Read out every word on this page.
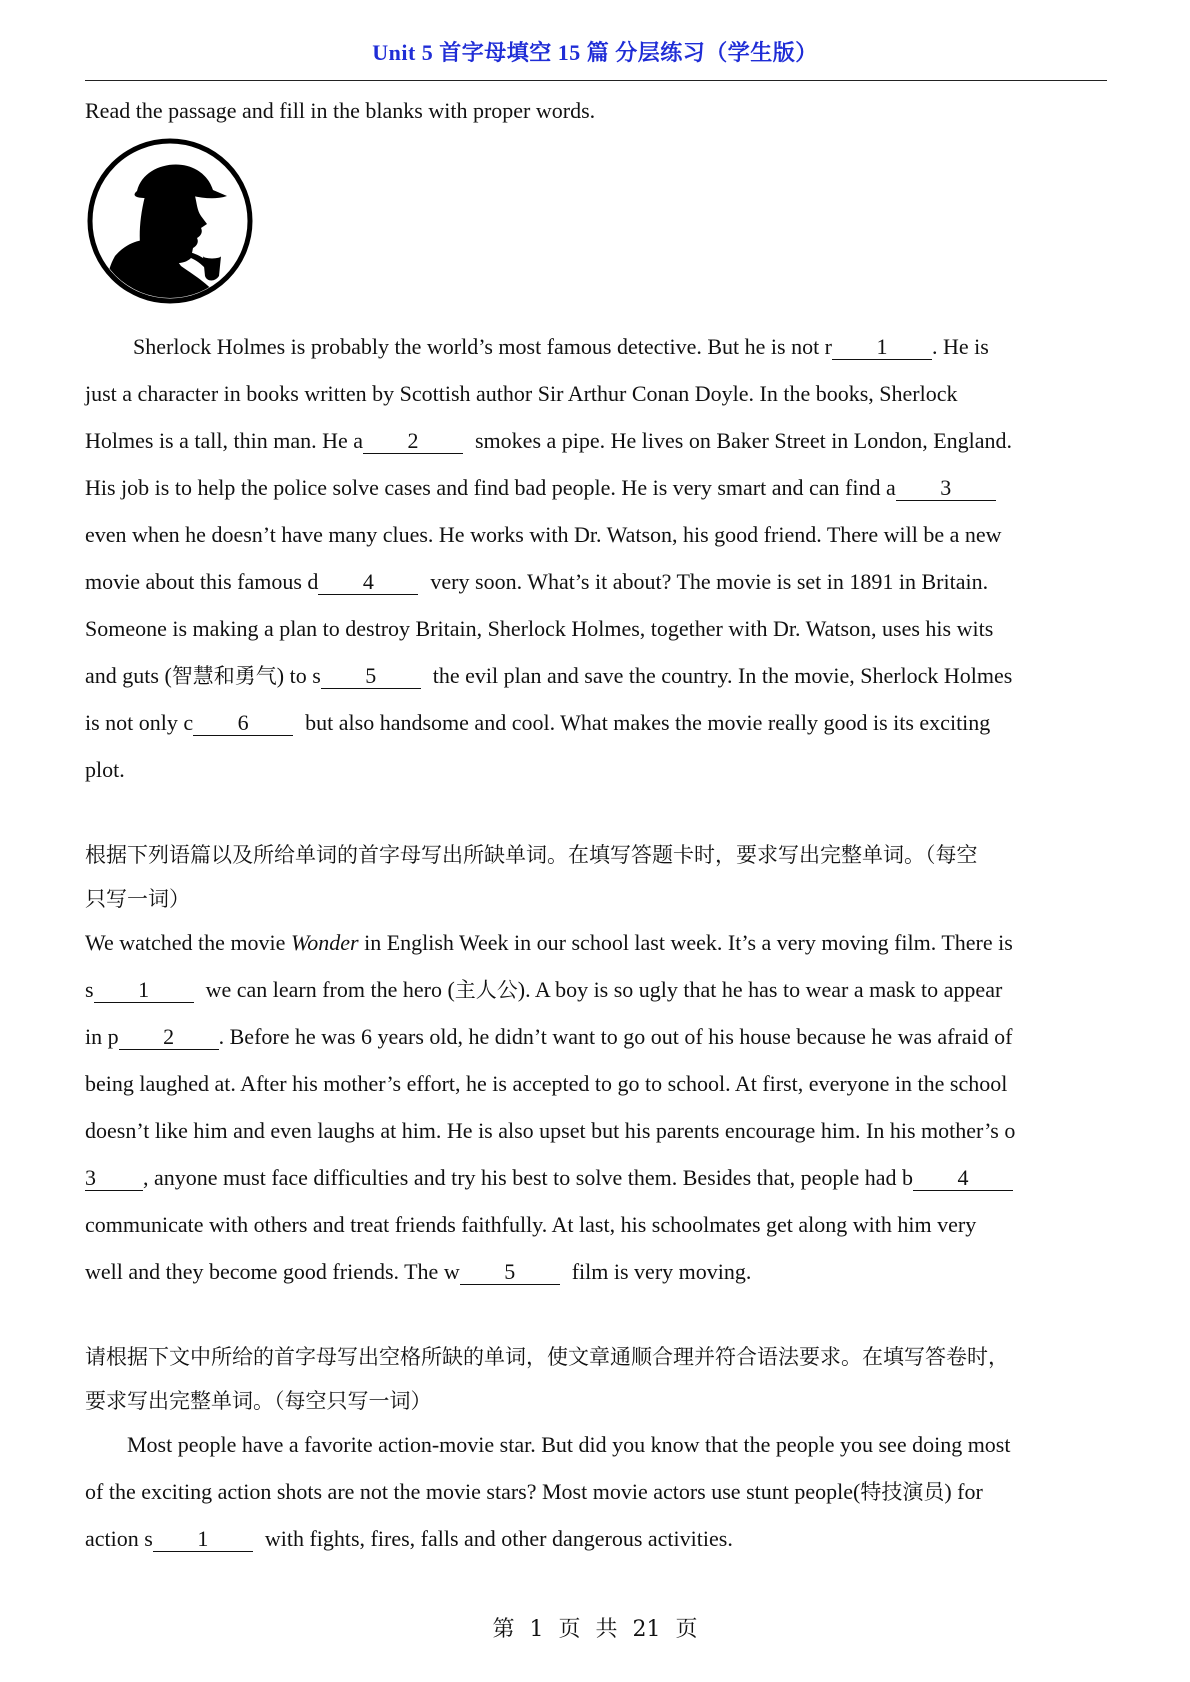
Unit 5 首字母填空 15 篇 分层练习（学生版）
Read the passage and fill in the blanks with proper words.
Sherlock Holmes is probably the world’s most famous detective. But he is not r 1 . He is
just a character in books written by Scottish author Sir Arthur Conan Doyle. In the books, Sherlock
Holmes is a tall, thin man. He a 2	smokes a pipe. He lives on Baker Street in London, England.
His job is to help the police solve cases and find bad people. He is very smart and can find a 3
even when he doesn’t have many clues. He works with Dr. Watson, his good friend. There will be a new
movie about this famous d 4	very soon. What’s it about? The movie is set in 1891 in Britain.
Someone is making a plan to destroy Britain, Sherlock Holmes, together with Dr. Watson, uses his wits
and guts (智慧和勇气) to s 5	the evil plan and save the country. In the movie, Sherlock Holmes
is not only c 6	but also handsome and cool. What makes the movie really good is its exciting
plot.
根据下列语篇以及所给单词的首字母写出所缺单词。在填写答题卡时，要求写出完整单词。（每空
只写一词）
We watched the movie Wonder in English Week in our school last week. It’s a very moving film. There is
s 1	we can learn from the hero (主人公). A boy is so ugly that he has to wear a mask to appear
in p 2 . Before he was 6 years old, he didn’t want to go out of his house because he was afraid of
being laughed at. After his mother’s effort, he is accepted to go to school. At first, everyone in the school
doesn’t like him and even laughs at him. He is also upset but his parents encourage him. In his mother’s o
3 , anyone must face difficulties and try his best to solve them. Besides that, people had b 4
communicate with others and treat friends faithfully. At last, his schoolmates get along with him very
well and they become good friends. The w 5	film is very moving.
请根据下文中所给的首字母写出空格所缺的单词，使文章通顺合理并符合语法要求。在填写答卷时，
要求写出完整单词。（每空只写一词）
Most people have a favorite action-movie star. But did you know that the people you see doing most
of the exciting action shots are not the movie stars? Most movie actors use stunt people(特技演员) for
action s 1	with fights, fires, falls and other dangerous activities.
第 1 页 共 21 页
